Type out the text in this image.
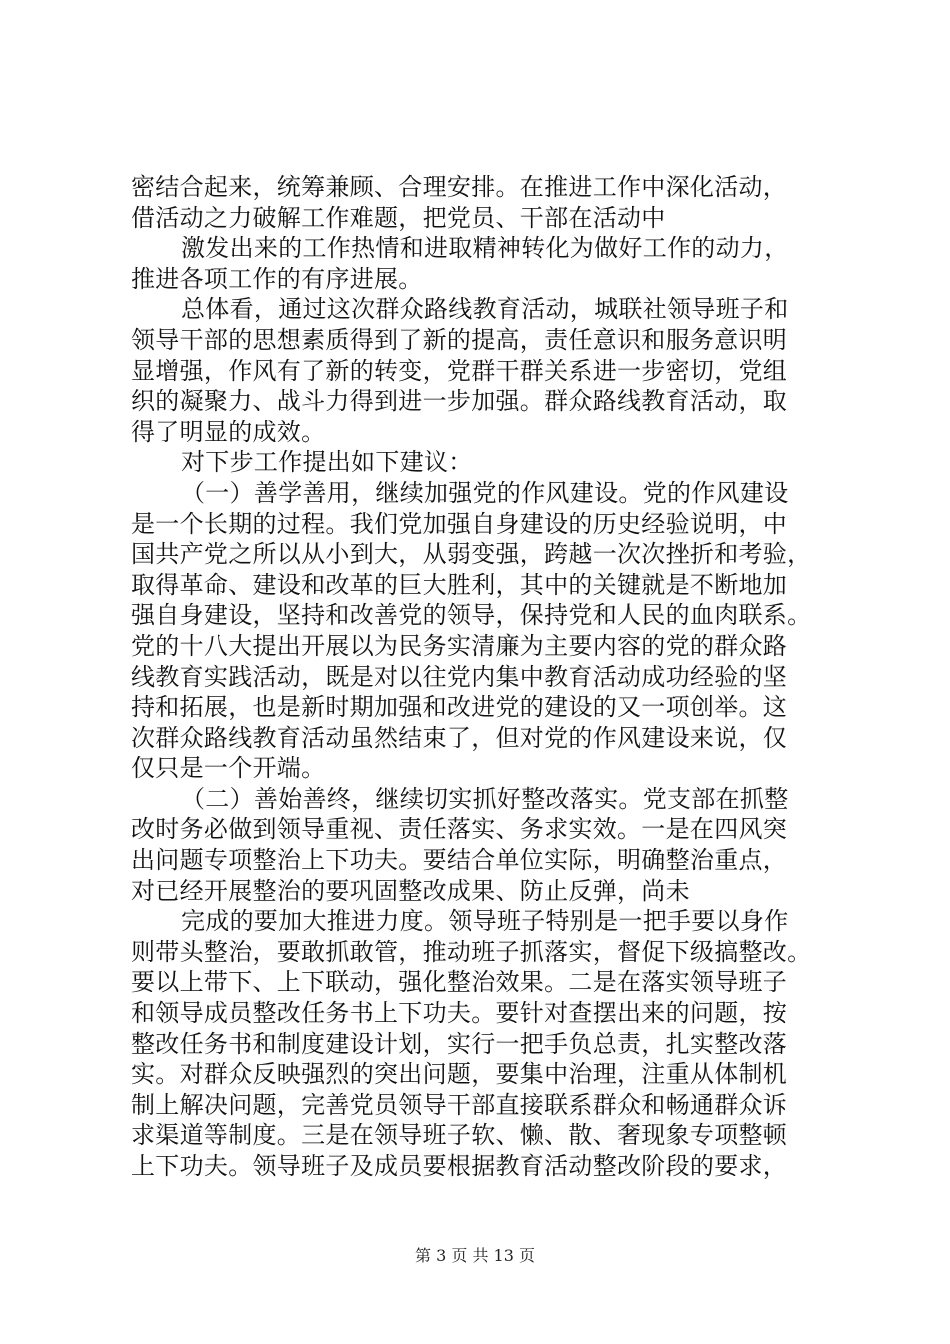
密结合起来，统筹兼顾、合理安排。在推进工作中深化活动，
借活动之力破解工作难题，把党员、干部在活动中
激发出来的工作热情和进取精神转化为做好工作的动力，
推进各项工作的有序进展。
总体看，通过这次群众路线教育活动，城联社领导班子和
领导干部的思想素质得到了新的提高，责任意识和服务意识明
显增强，作风有了新的转变，党群干群关系进一步密切，党组
织的凝聚力、战斗力得到进一步加强。群众路线教育活动，取
得了明显的成效。
对下步工作提出如下建议：
（一）善学善用，继续加强党的作风建设。党的作风建设
是一个长期的过程。我们党加强自身建设的历史经验说明，中
国共产党之所以从小到大，从弱变强，跨越一次次挫折和考验，
取得革命、建设和改革的巨大胜利，其中的关键就是不断地加
强自身建设，坚持和改善党的领导，保持党和人民的血肉联系。
党的十八大提出开展以为民务实清廉为主要内容的党的群众路
线教育实践活动，既是对以往党内集中教育活动成功经验的坚
持和拓展，也是新时期加强和改进党的建设的又一项创举。这
次群众路线教育活动虽然结束了，但对党的作风建设来说，仅
仅只是一个开端。
（二）善始善终，继续切实抓好整改落实。党支部在抓整
改时务必做到领导重视、责任落实、务求实效。一是在四风突
出问题专项整治上下功夫。要结合单位实际，明确整治重点，
对已经开展整治的要巩固整改成果、防止反弹，尚未
完成的要加大推进力度。领导班子特别是一把手要以身作
则带头整治，要敢抓敢管，推动班子抓落实，督促下级搞整改。
要以上带下、上下联动，强化整治效果。二是在落实领导班子
和领导成员整改任务书上下功夫。要针对查摆出来的问题，按
整改任务书和制度建设计划，实行一把手负总责，扎实整改落
实。对群众反映强烈的突出问题，要集中治理，注重从体制机
制上解决问题，完善党员领导干部直接联系群众和畅通群众诉
求渠道等制度。三是在领导班子软、懒、散、奢现象专项整顿
上下功夫。领导班子及成员要根据教育活动整改阶段的要求，
第 3 页 共 13 页
